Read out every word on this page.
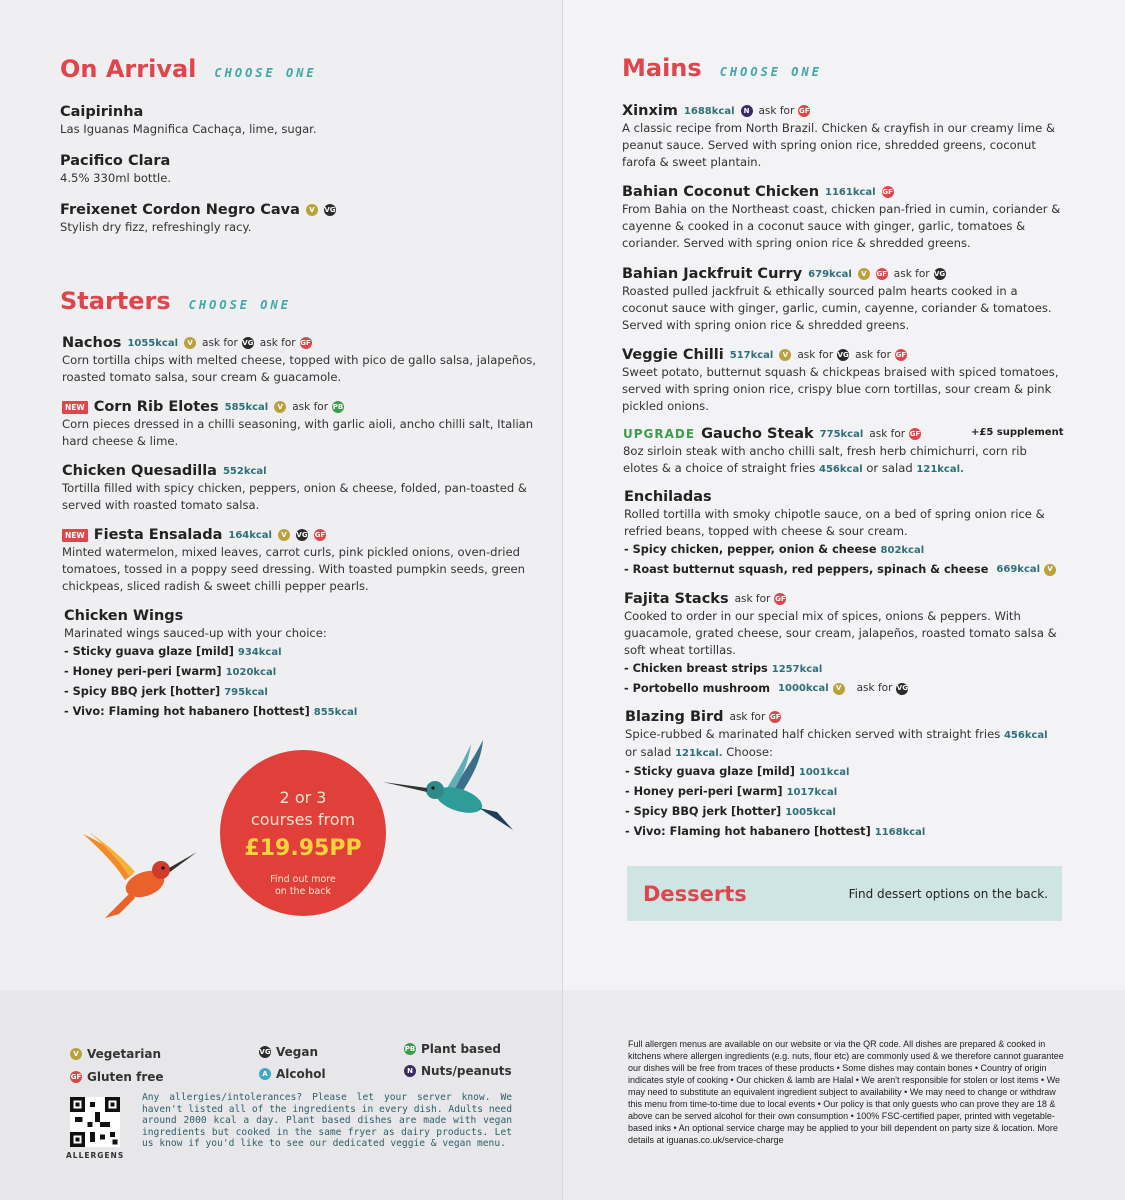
On Arrival CHOOSE ONE
Caipirinha
Las Iguanas Magnifica Cachaça, lime, sugar.
Pacifico Clara
4.5% 330ml bottle.
Freixenet Cordon Negro Cava	V	VG
Stylish dry fizz, refreshingly racy.
Starters CHOOSE ONE
Nachos 1055kcal	V ask for VG ask for GF
Corn tortilla chips with melted cheese, topped with pico de gallo salsa, jalapeños, roasted tomato salsa, sour cream & guacamole.
NEW Corn Rib Elotes 585kcal	V ask for PB
Corn pieces dressed in a chilli seasoning, with garlic aioli, ancho chilli salt, Italian hard cheese & lime.
Chicken Quesadilla 552kcal
Tortilla filled with spicy chicken, peppers, onion & cheese, folded, pan-toasted & served with roasted tomato salsa.
NEW Fiesta Ensalada 164kcal	V	VG GF
Minted watermelon, mixed leaves, carrot curls, pink pickled onions, oven-dried tomatoes, tossed in a poppy seed dressing. With toasted pumpkin seeds, green chickpeas, sliced radish & sweet chilli pepper pearls.
Chicken Wings
Marinated wings sauced-up with your choice:
- Sticky guava glaze [mild] 934kcal
- Honey peri-peri [warm] 1020kcal
- Spicy BBQ jerk [hotter] 795kcal
- Vivo: Flaming hot habanero [hottest] 855kcal
2 or 3
courses from
£19.95PP
Find out more on the back
Mains CHOOSE ONE
Xinxim 1688kcal	N ask for GF
A classic recipe from North Brazil. Chicken & crayfish in our creamy lime & peanut sauce. Served with spring onion rice, shredded greens, coconut farofa & sweet plantain.
Bahian Coconut Chicken 1161kcal GF
From Bahia on the Northeast coast, chicken pan-fried in cumin, coriander & cayenne & cooked in a coconut sauce with ginger, garlic, tomatoes & coriander. Served with spring onion rice & shredded greens.
Bahian Jackfruit Curry 679kcal	V	GF ask for VG
Roasted pulled jackfruit & ethically sourced palm hearts cooked in a coconut sauce with ginger, garlic, cumin, cayenne, coriander & tomatoes. Served with spring onion rice & shredded greens.
Veggie Chilli 517kcal	V ask for VG ask for GF
Sweet potato, butternut squash & chickpeas braised with spiced tomatoes, served with spring onion rice, crispy blue corn tortillas, sour cream & pink pickled onions.
UPGRADE Gaucho Steak 775kcal ask for GF
8oz sirloin steak with ancho chilli salt, fresh herb chimichurri, corn rib elotes & a choice of straight fries 456kcal or salad 121kcal.
+£5 supplement
Enchiladas
Rolled tortilla with smoky chipotle sauce, on a bed of spring onion rice & refried beans, topped with cheese & sour cream.
- Spicy chicken, pepper, onion & cheese 802kcal
- Roast butternut squash, red peppers, spinach & cheese 669kcal	V
Fajita Stacks ask for GF
Cooked to order in our special mix of spices, onions & peppers. With guacamole, grated cheese, sour cream, jalapeños, roasted tomato salsa & soft wheat tortillas.
- Chicken breast strips 1257kcal
- Portobello mushroom 1000kcal	V	ask for VG
Blazing Bird ask for GF
Spice-rubbed & marinated half chicken served with straight fries 456kcal
or salad 121kcal. Choose:
- Sticky guava glaze [mild] 1001kcal
- Honey peri-peri [warm] 1017kcal
- Spicy BBQ jerk [hotter] 1005kcal
- Vivo: Flaming hot habanero [hottest] 1168kcal
Desserts	Find dessert options on the back.
V Vegetarian
GF Gluten free
VG Vegan
A Alcohol
PB Plant based
N Nuts/peanuts
ALLERGENS
Any allergies/intolerances? Please let your server know. We haven't listed all of the ingredients in every dish. Adults need around 2000 kcal a day. Plant based dishes are made with vegan ingredients but cooked in the same fryer as dairy products. Let us know if you'd like to see our dedicated veggie & vegan menu.
Full allergen menus are available on our website or via the QR code. All dishes are prepared & cooked in kitchens where allergen ingredients (e.g. nuts, flour etc) are commonly used & we therefore cannot guarantee our dishes will be free from traces of these products • Some dishes may contain bones • Country of origin indicates style of cooking • Our chicken & lamb are Halal • We aren't responsible for stolen or lost items • We may need to substitute an equivalent ingredient subject to availability • We may need to change or withdraw this menu from time-to-time due to local events • Our policy is that only guests who can prove they are 18 & above can be served alcohol for their own consumption • 100% FSC-certified paper, printed with vegetable-based inks • An optional service charge may be applied to your bill dependent on party size & location. More details at iguanas.co.uk/service-charge
